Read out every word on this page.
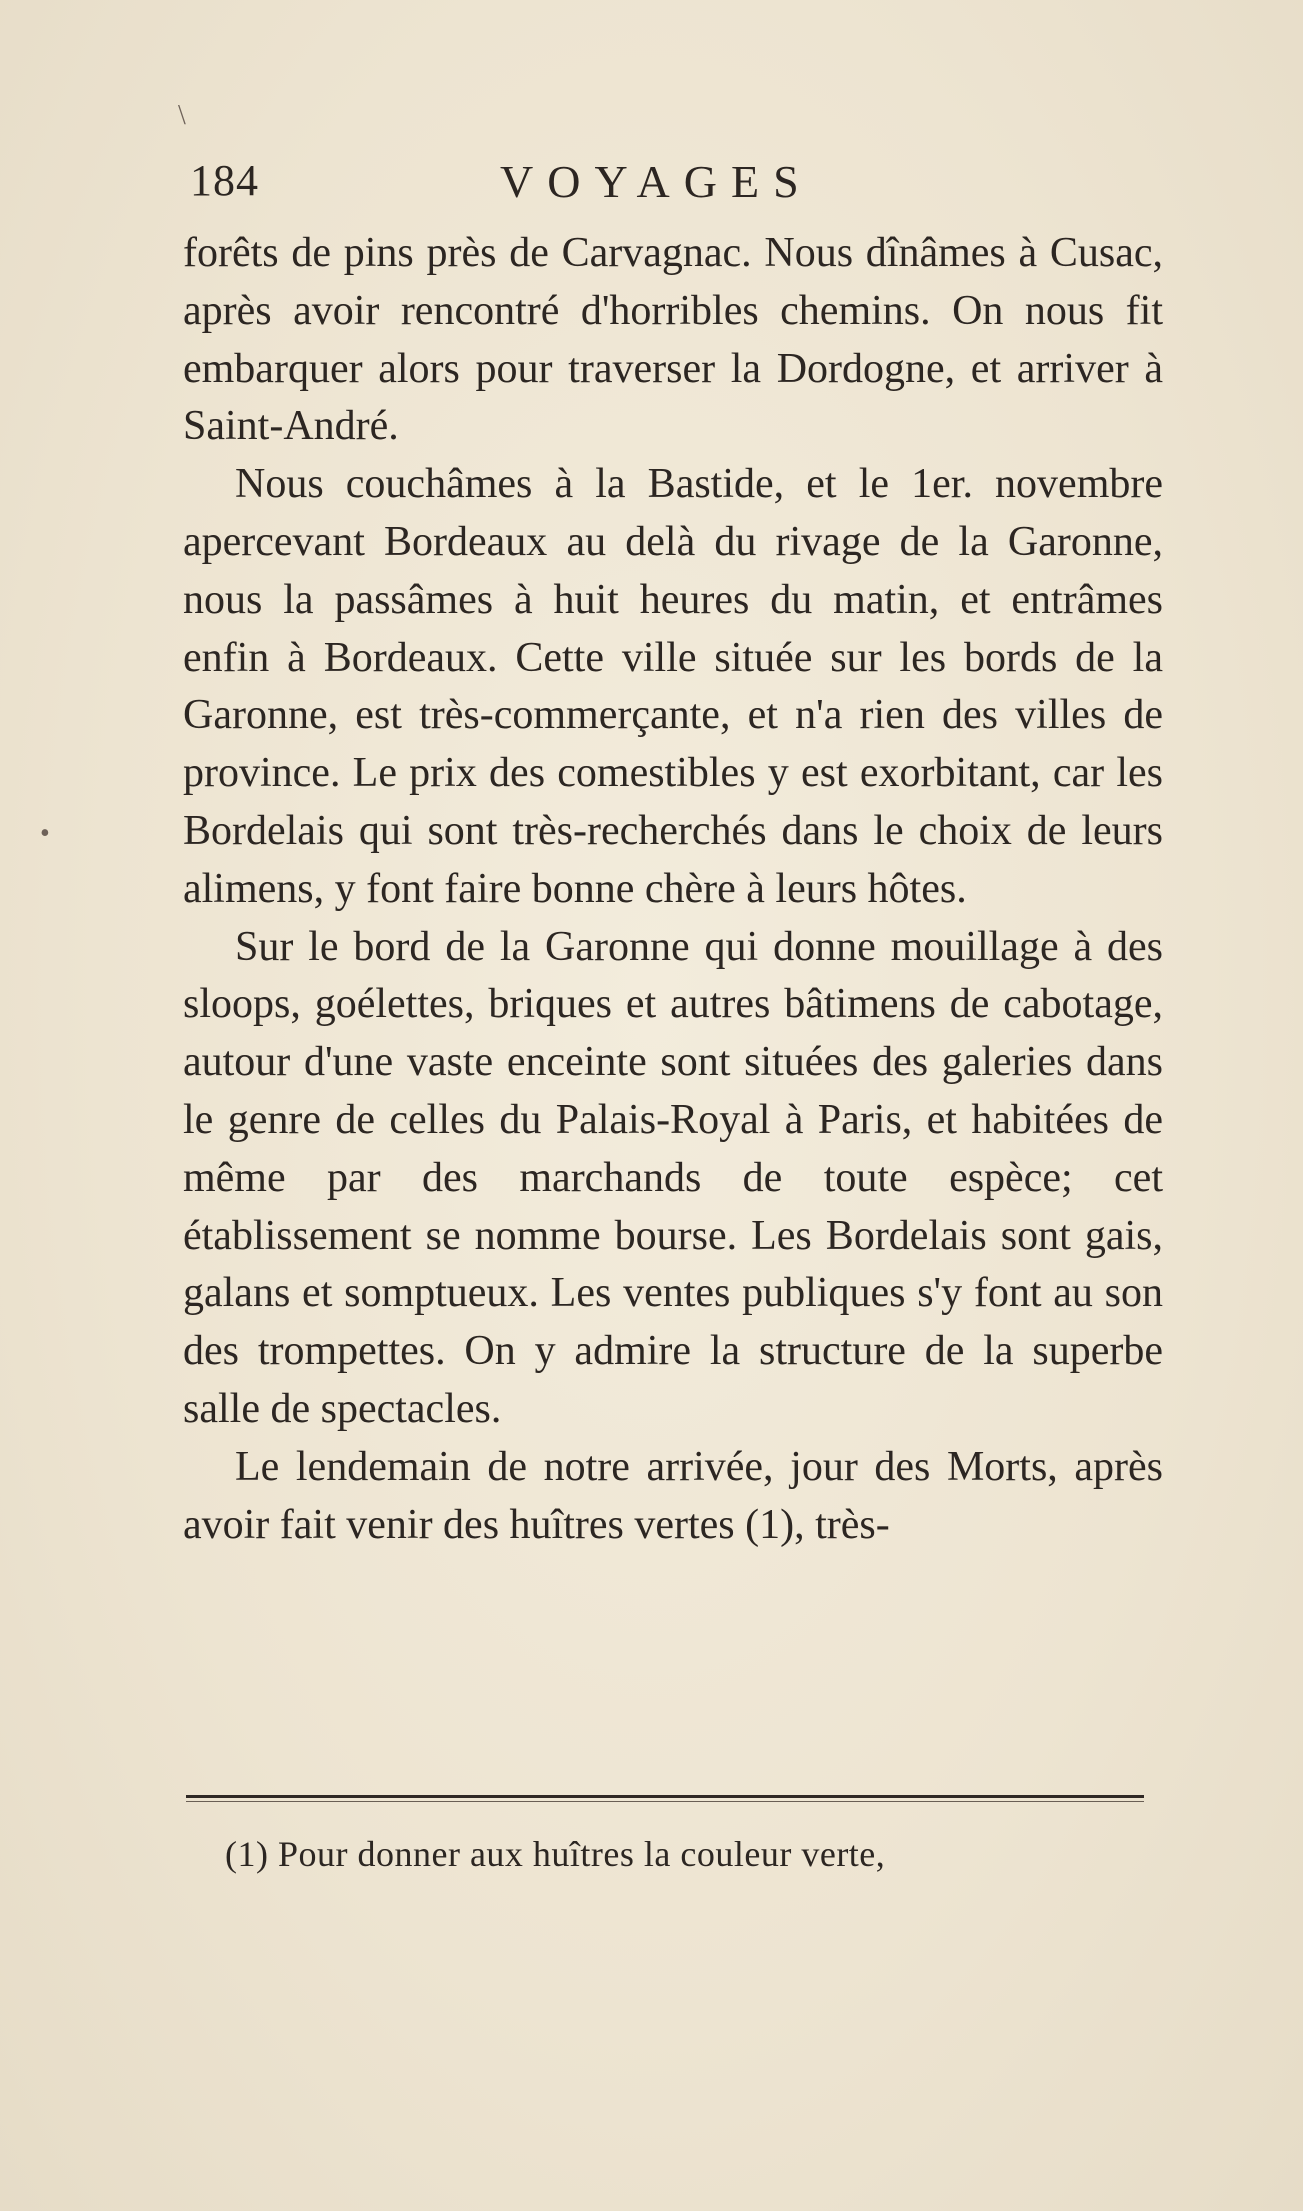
184	VOYAGES

forêts de pins près de Carvagnac. Nous dînâmes à Cusac, après avoir rencontré d'horribles chemins. On nous fit embarquer alors pour traverser la Dordogne, et arriver à Saint-André.

Nous couchâmes à la Bastide, et le 1er. novembre apercevant Bordeaux au delà du rivage de la Garonne, nous la passâmes à huit heures du matin, et entrâmes enfin à Bordeaux. Cette ville située sur les bords de la Garonne, est très-commerçante, et n'a rien des villes de province. Le prix des comestibles y est exorbitant, car les Bordelais qui sont très-recherchés dans le choix de leurs alimens, y font faire bonne chère à leurs hôtes.

Sur le bord de la Garonne qui donne mouillage à des sloops, goélettes, briques et autres bâtimens de cabotage, autour d'une vaste enceinte sont situées des galeries dans le genre de celles du Palais-Royal à Paris, et habitées de même par des marchands de toute espèce; cet établissement se nomme bourse. Les Bordelais sont gais, galans et somptueux. Les ventes publiques s'y font au son des trompettes. On y admire la structure de la superbe salle de spectacles.

Le lendemain de notre arrivée, jour des Morts, après avoir fait venir des huîtres vertes (1), très-

(1) Pour donner aux huîtres la couleur verte,
\
•
